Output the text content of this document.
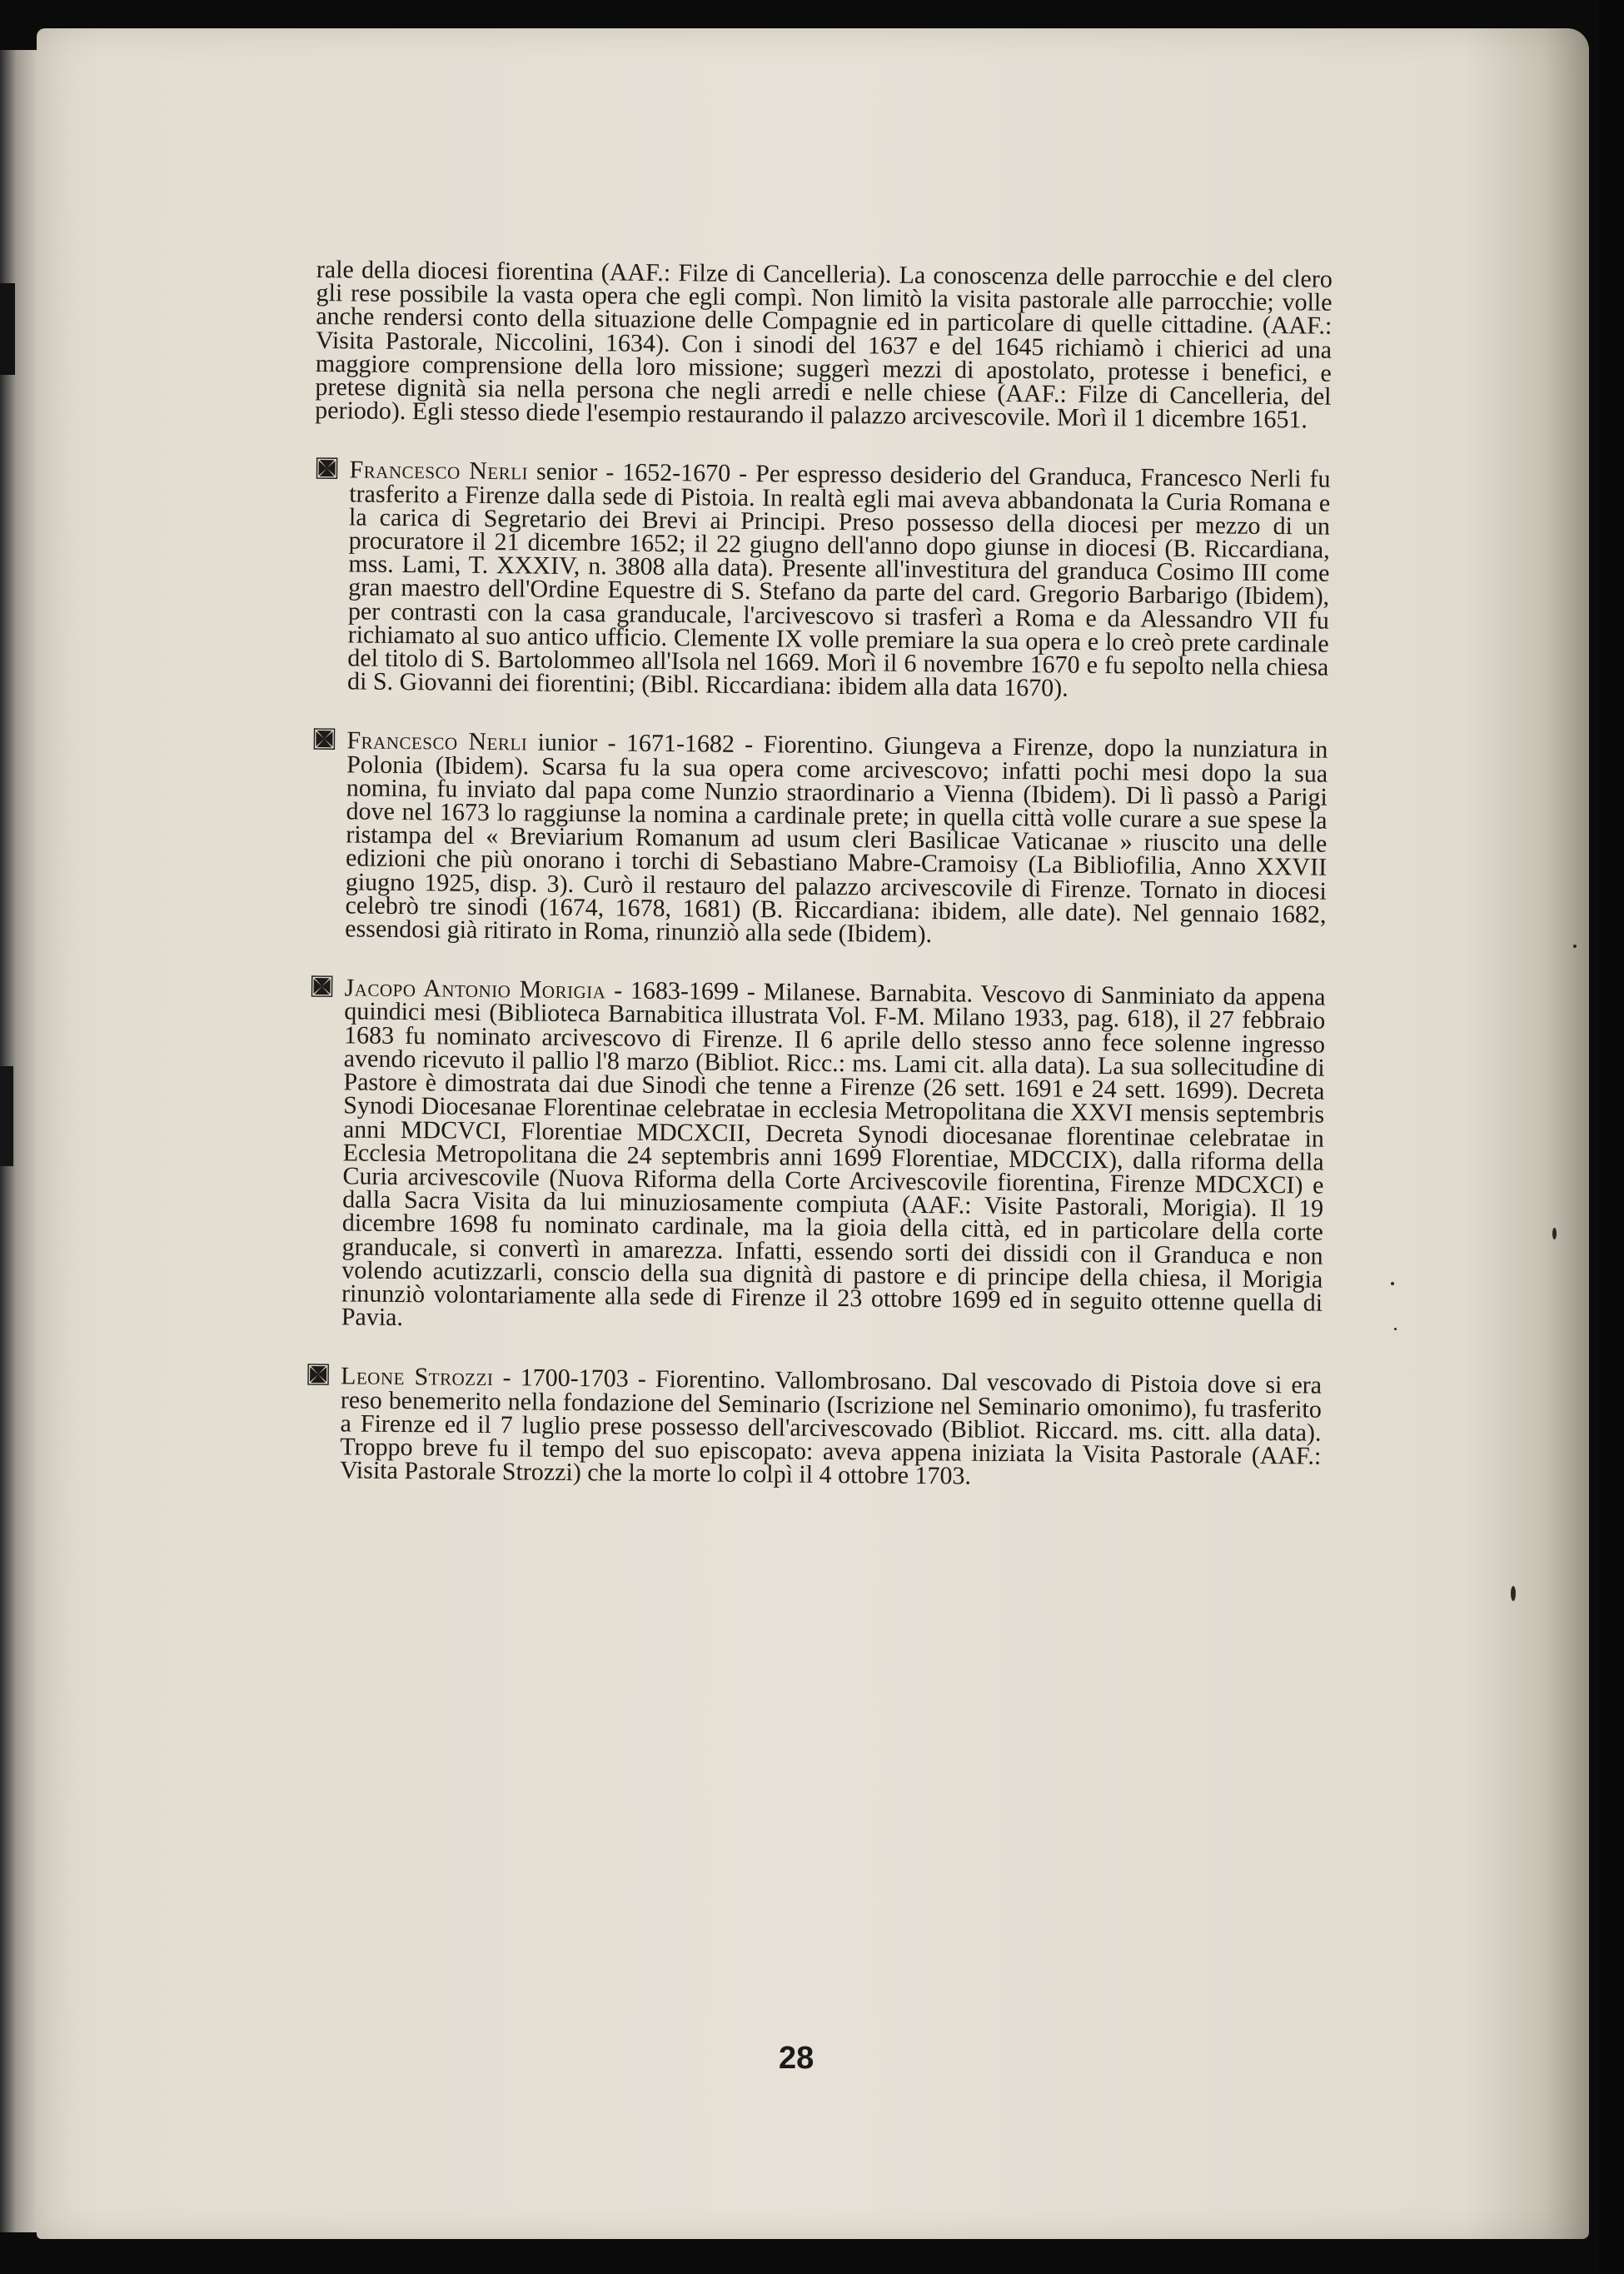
rale della diocesi fiorentina (AAF.: Filze di Cancelleria). La conoscenza delle parrocchie e del clero gli rese possibile la vasta opera che egli compì. Non limitò la visita pastorale alle parrocchie; volle anche rendersi conto della situazione delle Compagnie ed in particolare di quelle cittadine. (AAF.: Visita Pastorale, Niccolini, 1634). Con i sinodi del 1637 e del 1645 richiamò i chierici ad una maggiore comprensione della loro missione; suggerì mezzi di apostolato, protesse i benefici, e pretese dignità sia nella persona che negli arredi e nelle chiese (AAF.: Filze di Cancelleria, del periodo). Egli stesso diede l'esempio restaurando il palazzo arcivescovile. Morì il 1 dicembre 1651.

Francesco Nerli senior - 1652-1670 - Per espresso desiderio del Granduca, Francesco Nerli fu trasferito a Firenze dalla sede di Pistoia. In realtà egli mai aveva abbandonata la Curia Romana e la carica di Segretario dei Brevi ai Principi. Preso possesso della diocesi per mezzo di un procuratore il 21 dicembre 1652; il 22 giugno dell'anno dopo giunse in diocesi (B. Riccardiana, mss. Lami, T. XXXIV, n. 3808 alla data). Presente all'investitura del granduca Cosimo III come gran maestro dell'Ordine Equestre di S. Stefano da parte del card. Gregorio Barbarigo (Ibidem), per contrasti con la casa granducale, l'arcivescovo si trasferì a Roma e da Alessandro VII fu richiamato al suo antico ufficio. Clemente IX volle premiare la sua opera e lo creò prete cardinale del titolo di S. Bartolommeo all'Isola nel 1669. Morì il 6 novembre 1670 e fu sepolto nella chiesa di S. Giovanni dei fiorentini; (Bibl. Riccardiana: ibidem alla data 1670).

Francesco Nerli iunior - 1671-1682 - Fiorentino. Giungeva a Firenze, dopo la nunziatura in Polonia (Ibidem). Scarsa fu la sua opera come arcivescovo; infatti pochi mesi dopo la sua nomina, fu inviato dal papa come Nunzio straordinario a Vienna (Ibidem). Di lì passò a Parigi dove nel 1673 lo raggiunse la nomina a cardinale prete; in quella città volle curare a sue spese la ristampa del « Breviarium Romanum ad usum cleri Basilicae Vaticanae » riuscito una delle edizioni che più onorano i torchi di Sebastiano Mabre-Cramoisy (La Bibliofilia, Anno XXVII giugno 1925, disp. 3). Curò il restauro del palazzo arcivescovile di Firenze. Tornato in diocesi celebrò tre sinodi (1674, 1678, 1681) (B. Riccardiana: ibidem, alle date). Nel gennaio 1682, essendosi già ritirato in Roma, rinunziò alla sede (Ibidem).

Jacopo Antonio Morigia - 1683-1699 - Milanese. Barnabita. Vescovo di Sanminiato da appena quindici mesi (Biblioteca Barnabitica illustrata Vol. F-M. Milano 1933, pag. 618), il 27 febbraio 1683 fu nominato arcivescovo di Firenze. Il 6 aprile dello stesso anno fece solenne ingresso avendo ricevuto il pallio l'8 marzo (Bibliot. Ricc.: ms. Lami cit. alla data). La sua sollecitudine di Pastore è dimostrata dai due Sinodi che tenne a Firenze (26 sett. 1691 e 24 sett. 1699). Decreta Synodi Diocesanae Florentinae celebratae in ecclesia Metropolitana die XXVI mensis septembris anni MDCVCI, Florentiae MDCXCII, Decreta Synodi diocesanae florentinae celebratae in Ecclesia Metropolitana die 24 septembris anni 1699 Florentiae, MDCCIX), dalla riforma della Curia arcivescovile (Nuova Riforma della Corte Arcivescovile fiorentina, Firenze MDCXCI) e dalla Sacra Visita da lui minuziosamente compiuta (AAF.: Visite Pastorali, Morigia). Il 19 dicembre 1698 fu nominato cardinale, ma la gioia della città, ed in particolare della corte granducale, si convertì in amarezza. Infatti, essendo sorti dei dissidi con il Granduca e non volendo acutizzarli, conscio della sua dignità di pastore e di principe della chiesa, il Morigia rinunziò volontariamente alla sede di Firenze il 23 ottobre 1699 ed in seguito ottenne quella di Pavia.

Leone Strozzi - 1700-1703 - Fiorentino. Vallombrosano. Dal vescovado di Pistoia dove si era reso benemerito nella fondazione del Seminario (Iscrizione nel Seminario omonimo), fu trasferito a Firenze ed il 7 luglio prese possesso dell'arcivescovado (Bibliot. Riccard. ms. citt. alla data). Troppo breve fu il tempo del suo episcopato: aveva appena iniziata la Visita Pastorale (AAF.: Visita Pastorale Strozzi) che la morte lo colpì il 4 ottobre 1703.

28
